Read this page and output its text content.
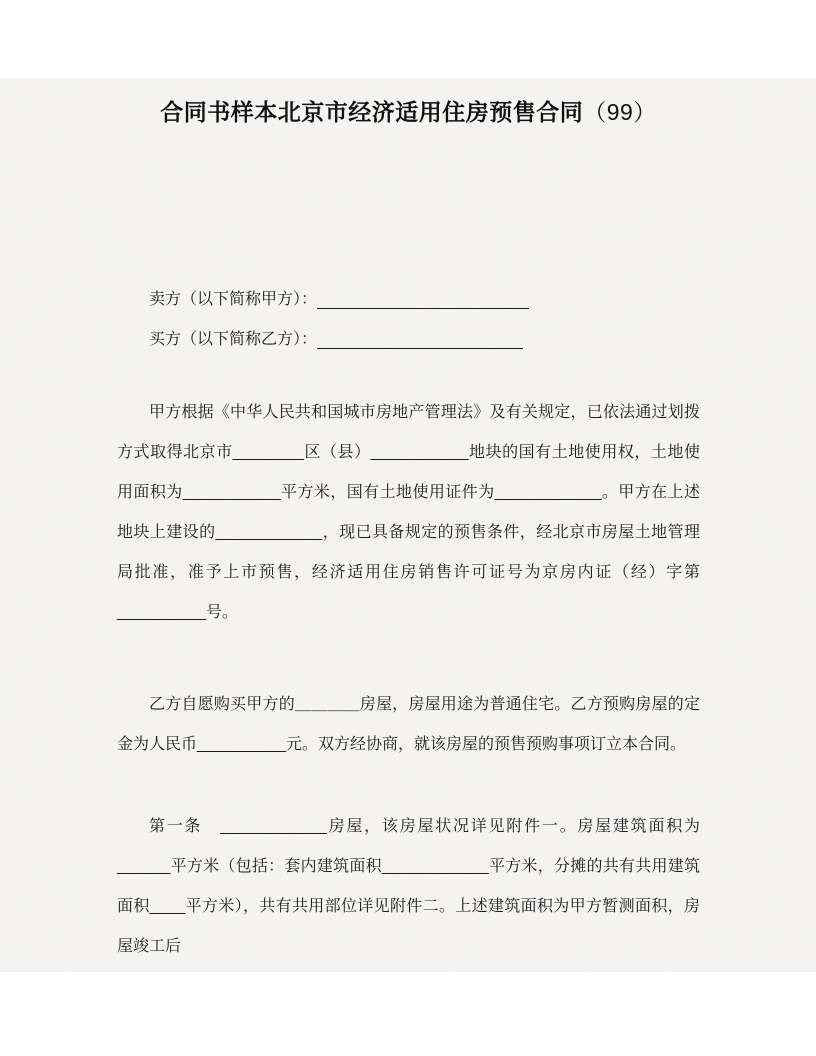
合同书样本北京市经济适用住房预售合同（99）
卖方（以下简称甲方）：
买方（以下简称乙方）：

甲方根据《中华人民共和国城市房地产管理法》及有关规定，已依法通过划拨方式取得北京市________区（县）___________地块的国有土地使用权，土地使用面积为___________平方米，国有土地使用证件为____________。甲方在上述地块上建设的____________，现已具备规定的预售条件，经北京市房屋土地管理局批准，准予上市预售，经济适用住房销售许可证号为京房内证（经）字第__________号。

乙方自愿购买甲方的＿＿＿＿房屋，房屋用途为普通住宅。乙方预购房屋的定金为人民币__________元。双方经协商，就该房屋的预售预购事项订立本合同。

第一条　____________房屋，该房屋状况详见附件一。房屋建筑面积为______平方米（包括：套内建筑面积____________平方米，分摊的共有共用建筑面积____平方米），共有共用部位详见附件二。上述建筑面积为甲方暂测面积，房屋竣工后
